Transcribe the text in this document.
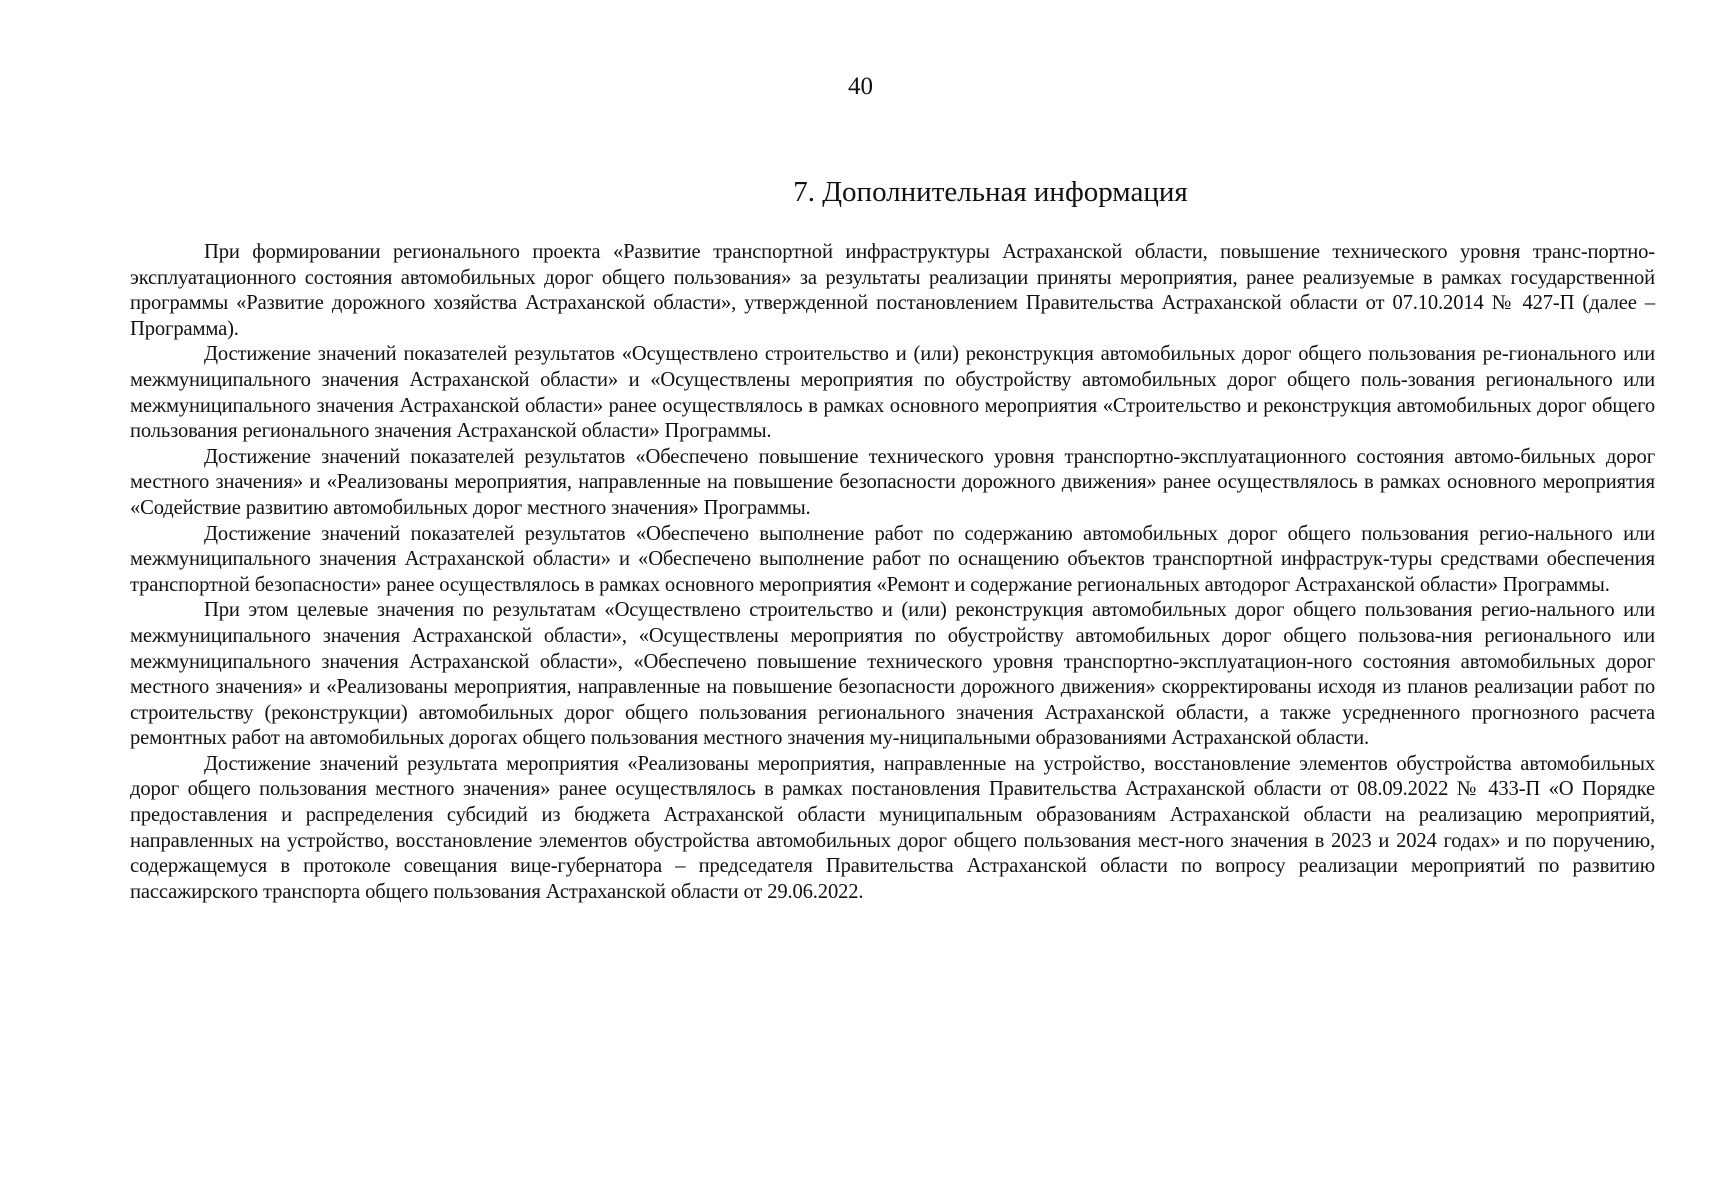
40
7. Дополнительная информация

При формировании регионального проекта «Развитие транспортной инфраструктуры Астраханской области, повышение технического уровня транс-портно-эксплуатационного состояния автомобильных дорог общего пользования» за результаты реализации приняты мероприятия, ранее реализуемые в рамках государственной программы «Развитие дорожного хозяйства Астраханской области», утвержденной постановлением Правительства Астраханской области от 07.10.2014 № 427-П (далее – Программа).

Достижение значений показателей результатов «Осуществлено строительство и (или) реконструкция автомобильных дорог общего пользования ре-гионального или межмуниципального значения Астраханской области» и «Осуществлены мероприятия по обустройству автомобильных дорог общего поль-зования регионального или межмуниципального значения Астраханской области» ранее осуществлялось в рамках основного мероприятия «Строительство и реконструкция автомобильных дорог общего пользования регионального значения Астраханской области» Программы.

Достижение значений показателей результатов «Обеспечено повышение технического уровня транспортно-эксплуатационного состояния автомо-бильных дорог местного значения» и «Реализованы мероприятия, направленные на повышение безопасности дорожного движения» ранее осуществлялось в рамках основного мероприятия «Содействие развитию автомобильных дорог местного значения» Программы.

Достижение значений показателей результатов «Обеспечено выполнение работ по содержанию автомобильных дорог общего пользования регио-нального или межмуниципального значения Астраханской области» и «Обеспечено выполнение работ по оснащению объектов транспортной инфраструк-туры средствами обеспечения транспортной безопасности» ранее осуществлялось в рамках основного мероприятия «Ремонт и содержание региональных автодорог Астраханской области» Программы.

При этом целевые значения по результатам «Осуществлено строительство и (или) реконструкция автомобильных дорог общего пользования регио-нального или межмуниципального значения Астраханской области», «Осуществлены мероприятия по обустройству автомобильных дорог общего пользова-ния регионального или межмуниципального значения Астраханской области», «Обеспечено повышение технического уровня транспортно-эксплуатацион-ного состояния автомобильных дорог местного значения» и «Реализованы мероприятия, направленные на повышение безопасности дорожного движения» скорректированы исходя из планов реализации работ по строительству (реконструкции) автомобильных дорог общего пользования регионального значения Астраханской области, а также усредненного прогнозного расчета ремонтных работ на автомобильных дорогах общего пользования местного значения му-ниципальными образованиями Астраханской области.

Достижение значений результата мероприятия «Реализованы мероприятия, направленные на устройство, восстановление элементов обустройства автомобильных дорог общего пользования местного значения» ранее осуществлялось в рамках постановления Правительства Астраханской области от 08.09.2022 № 433-П «О Порядке предоставления и распределения субсидий из бюджета Астраханской области муниципальным образованиям Астраханской области на реализацию мероприятий, направленных на устройство, восстановление элементов обустройства автомобильных дорог общего пользования мест-ного значения в 2023 и 2024 годах» и по поручению, содержащемуся в протоколе совещания вице-губернатора – председателя Правительства Астраханской области по вопросу реализации мероприятий по развитию пассажирского транспорта общего пользования Астраханской области от 29.06.2022.
